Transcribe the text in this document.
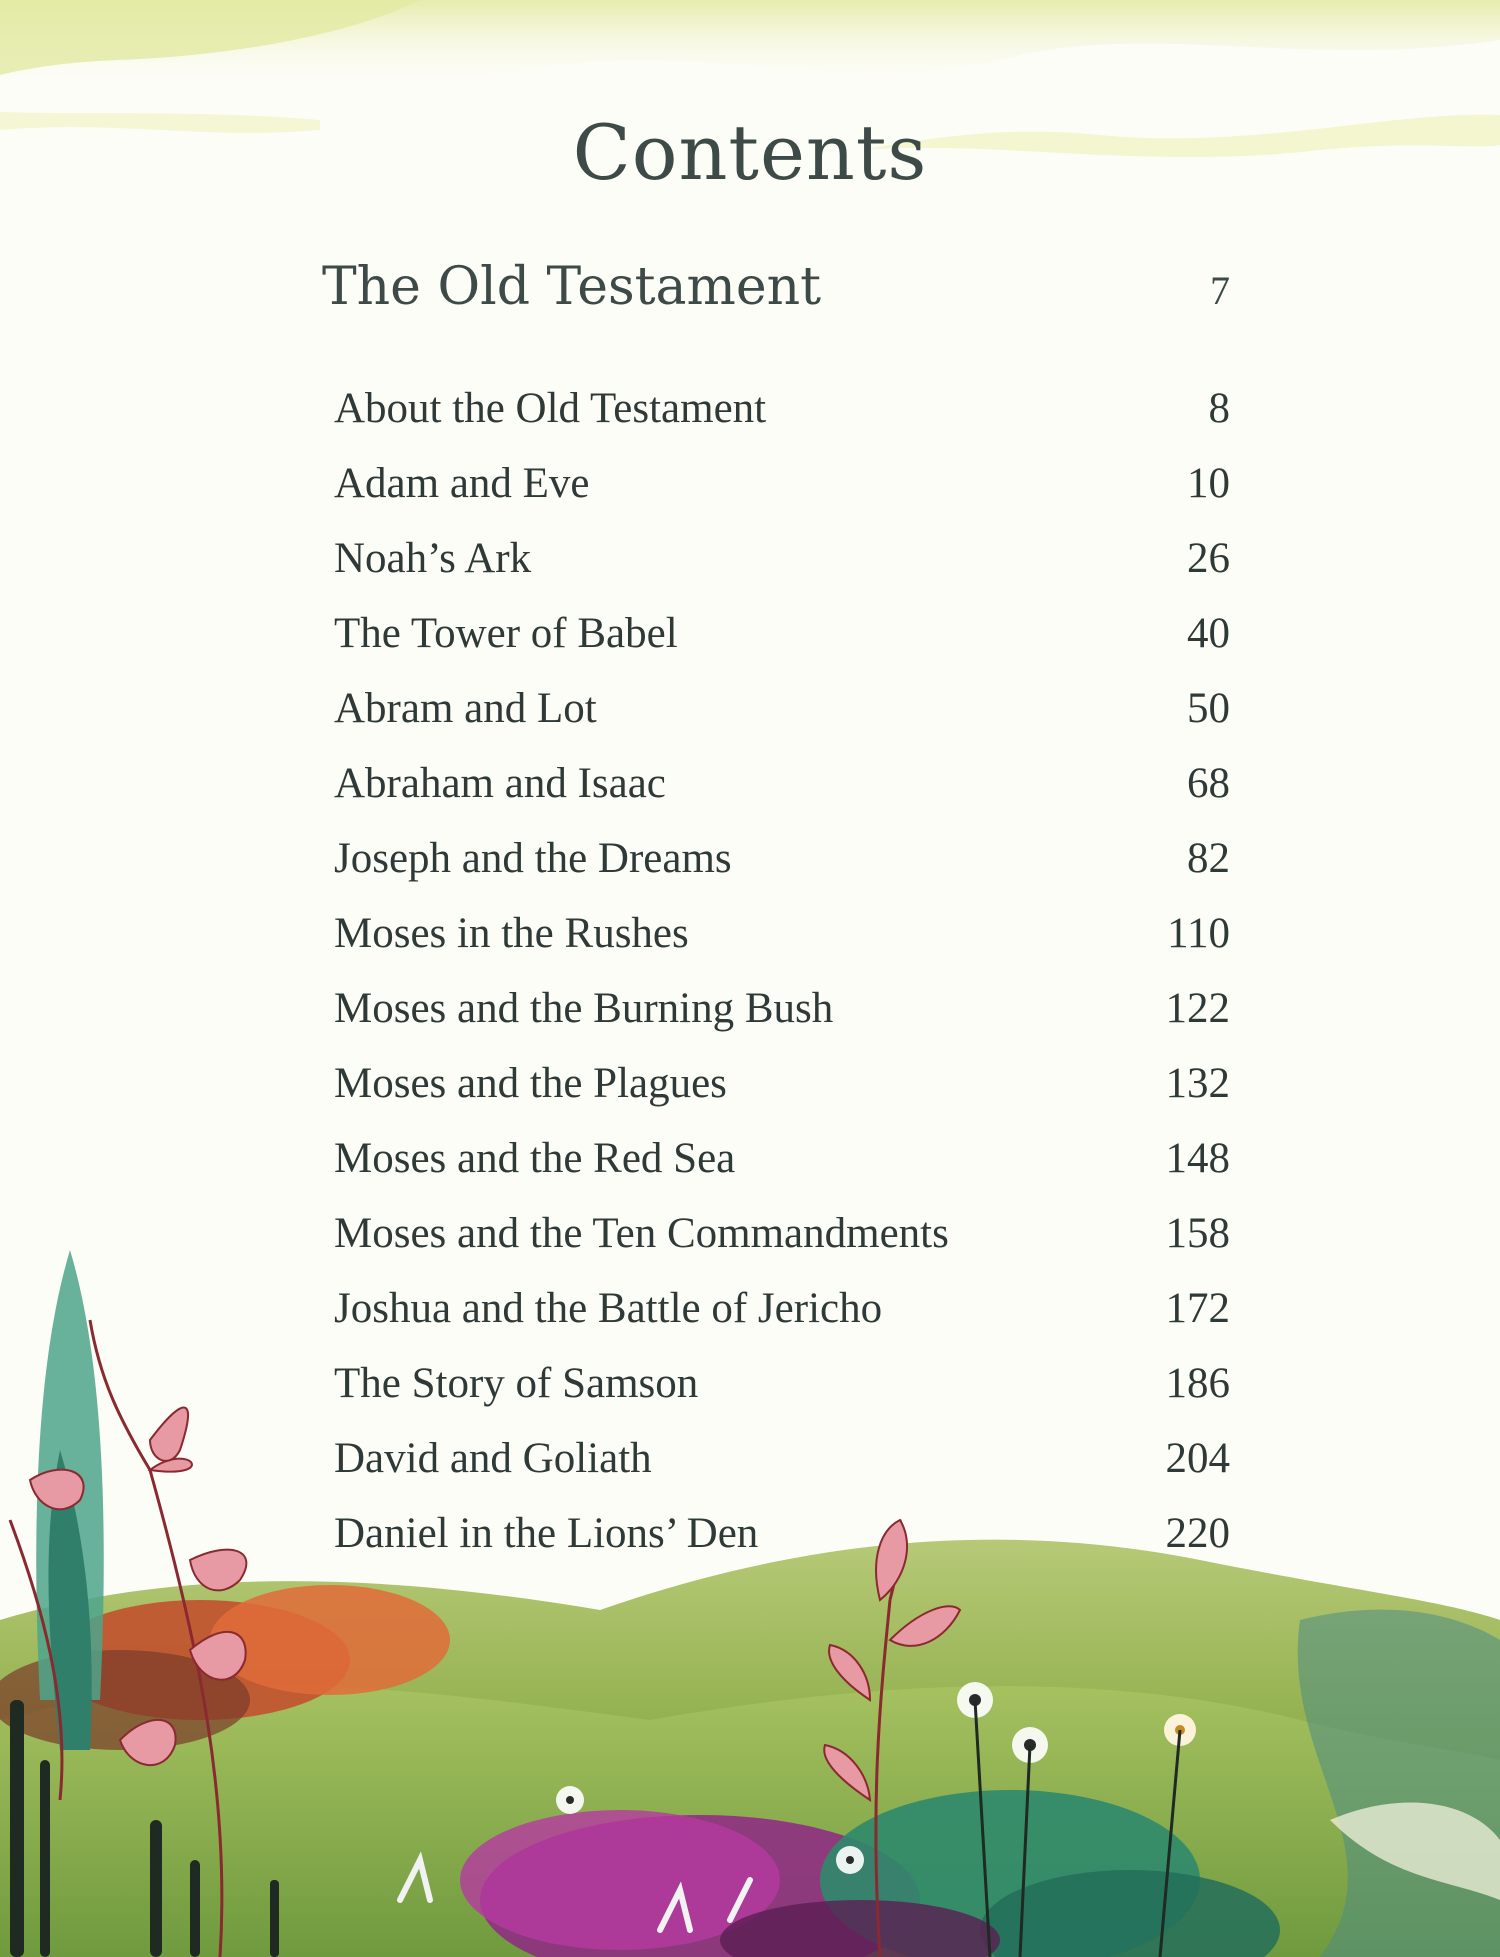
Contents
The Old Testament	7
About the Old Testament	8
Adam and Eve	10
Noah’s Ark	26
The Tower of Babel	40
Abram and Lot	50
Abraham and Isaac	68
Joseph and the Dreams	82
Moses in the Rushes	110
Moses and the Burning Bush	122
Moses and the Plagues	132
Moses and the Red Sea	148
Moses and the Ten Commandments	158
Joshua and the Battle of Jericho	172
The Story of Samson	186
David and Goliath	204
Daniel in the Lions’ Den	220
